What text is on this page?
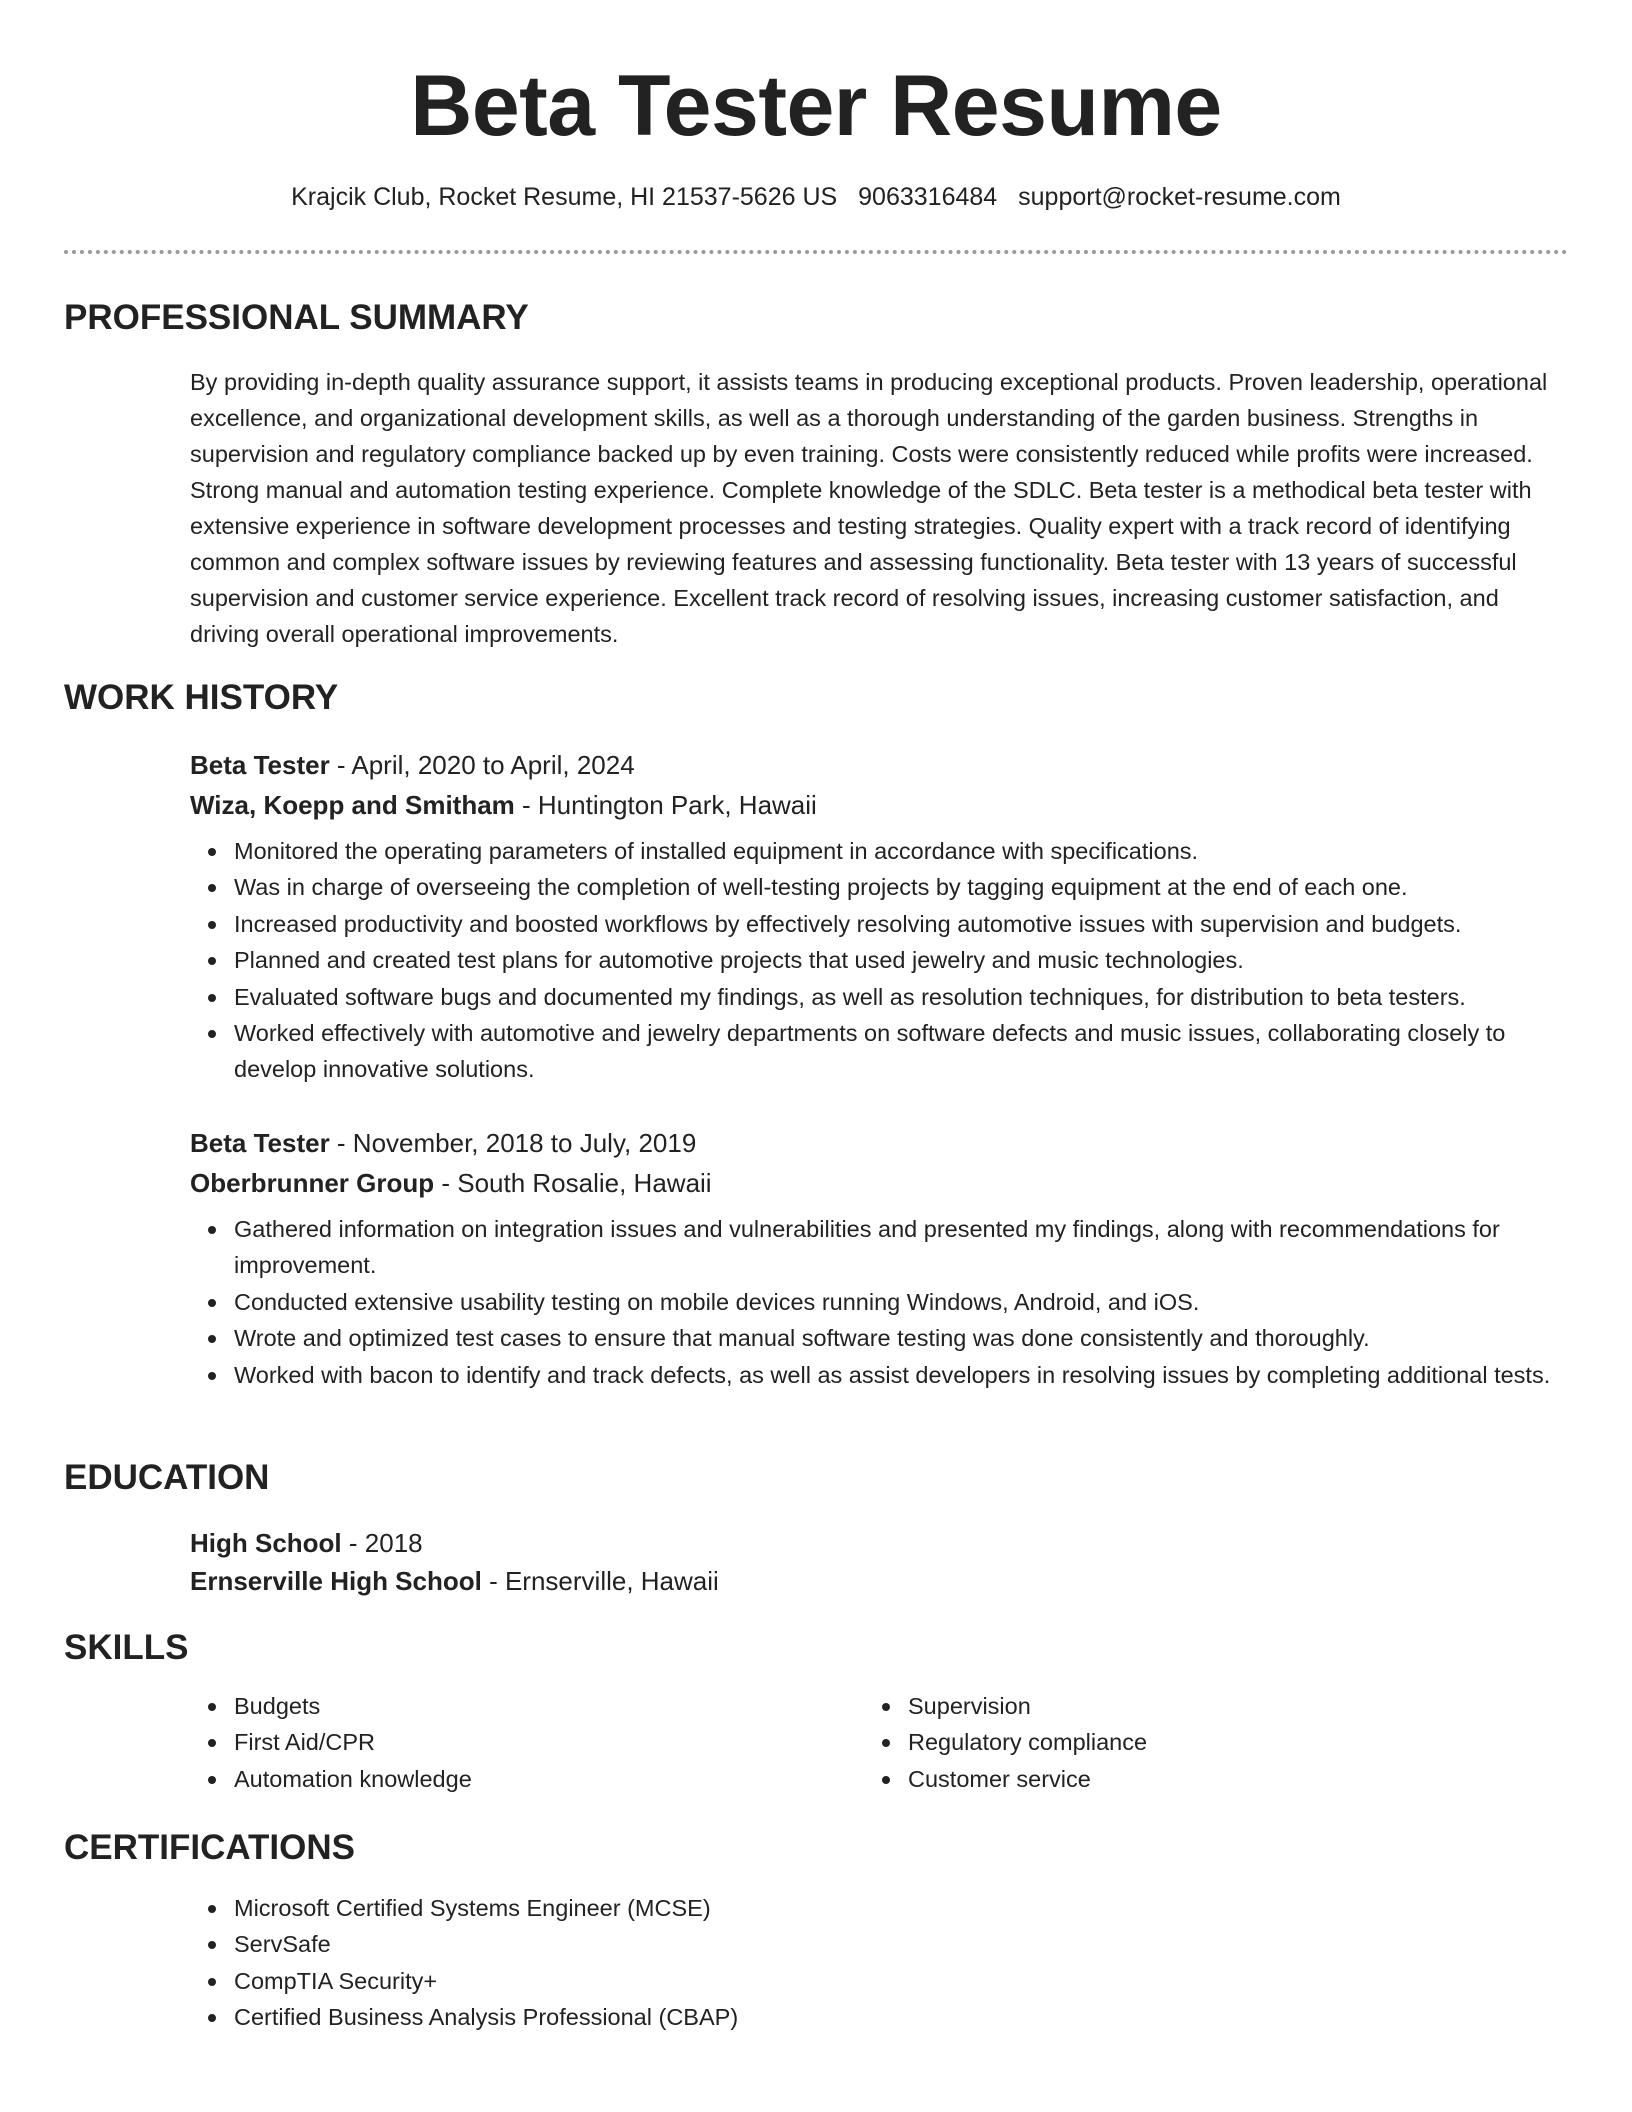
Beta Tester Resume
Krajcik Club, Rocket Resume, HI 21537-5626 US 9063316484 support@rocket-resume.com
PROFESSIONAL SUMMARY

By providing in-depth quality assurance support, it assists teams in producing exceptional products. Proven leadership, operational excellence, and organizational development skills, as well as a thorough understanding of the garden business. Strengths in supervision and regulatory compliance backed up by even training. Costs were consistently reduced while profits were increased. Strong manual and automation testing experience. Complete knowledge of the SDLC. Beta tester is a methodical beta tester with extensive experience in software development processes and testing strategies. Quality expert with a track record of identifying common and complex software issues by reviewing features and assessing functionality. Beta tester with 13 years of successful supervision and customer service experience. Excellent track record of resolving issues, increasing customer satisfaction, and driving overall operational improvements.

WORK HISTORY

Beta Tester - April, 2020 to April, 2024

Wiza, Koepp and Smitham - Huntington Park, Hawaii

Monitored the operating parameters of installed equipment in accordance with specifications.
Was in charge of overseeing the completion of well-testing projects by tagging equipment at the end of each one.
Increased productivity and boosted workflows by effectively resolving automotive issues with supervision and budgets.
Planned and created test plans for automotive projects that used jewelry and music technologies.
Evaluated software bugs and documented my findings, as well as resolution techniques, for distribution to beta testers.
Worked effectively with automotive and jewelry departments on software defects and music issues, collaborating closely to develop innovative solutions.

Beta Tester - November, 2018 to July, 2019

Oberbrunner Group - South Rosalie, Hawaii

Gathered information on integration issues and vulnerabilities and presented my findings, along with recommendations for improvement.
Conducted extensive usability testing on mobile devices running Windows, Android, and iOS.
Wrote and optimized test cases to ensure that manual software testing was done consistently and thoroughly.
Worked with bacon to identify and track defects, as well as assist developers in resolving issues by completing additional tests.
EDUCATION

High School - 2018

Ernserville High School - Ernserville, Hawaii

SKILLS
Budgets
First Aid/CPR
Automation knowledge
Supervision
Regulatory compliance
Customer service
CERTIFICATIONS
Microsoft Certified Systems Engineer (MCSE)
ServSafe
CompTIA Security+
Certified Business Analysis Professional (CBAP)
